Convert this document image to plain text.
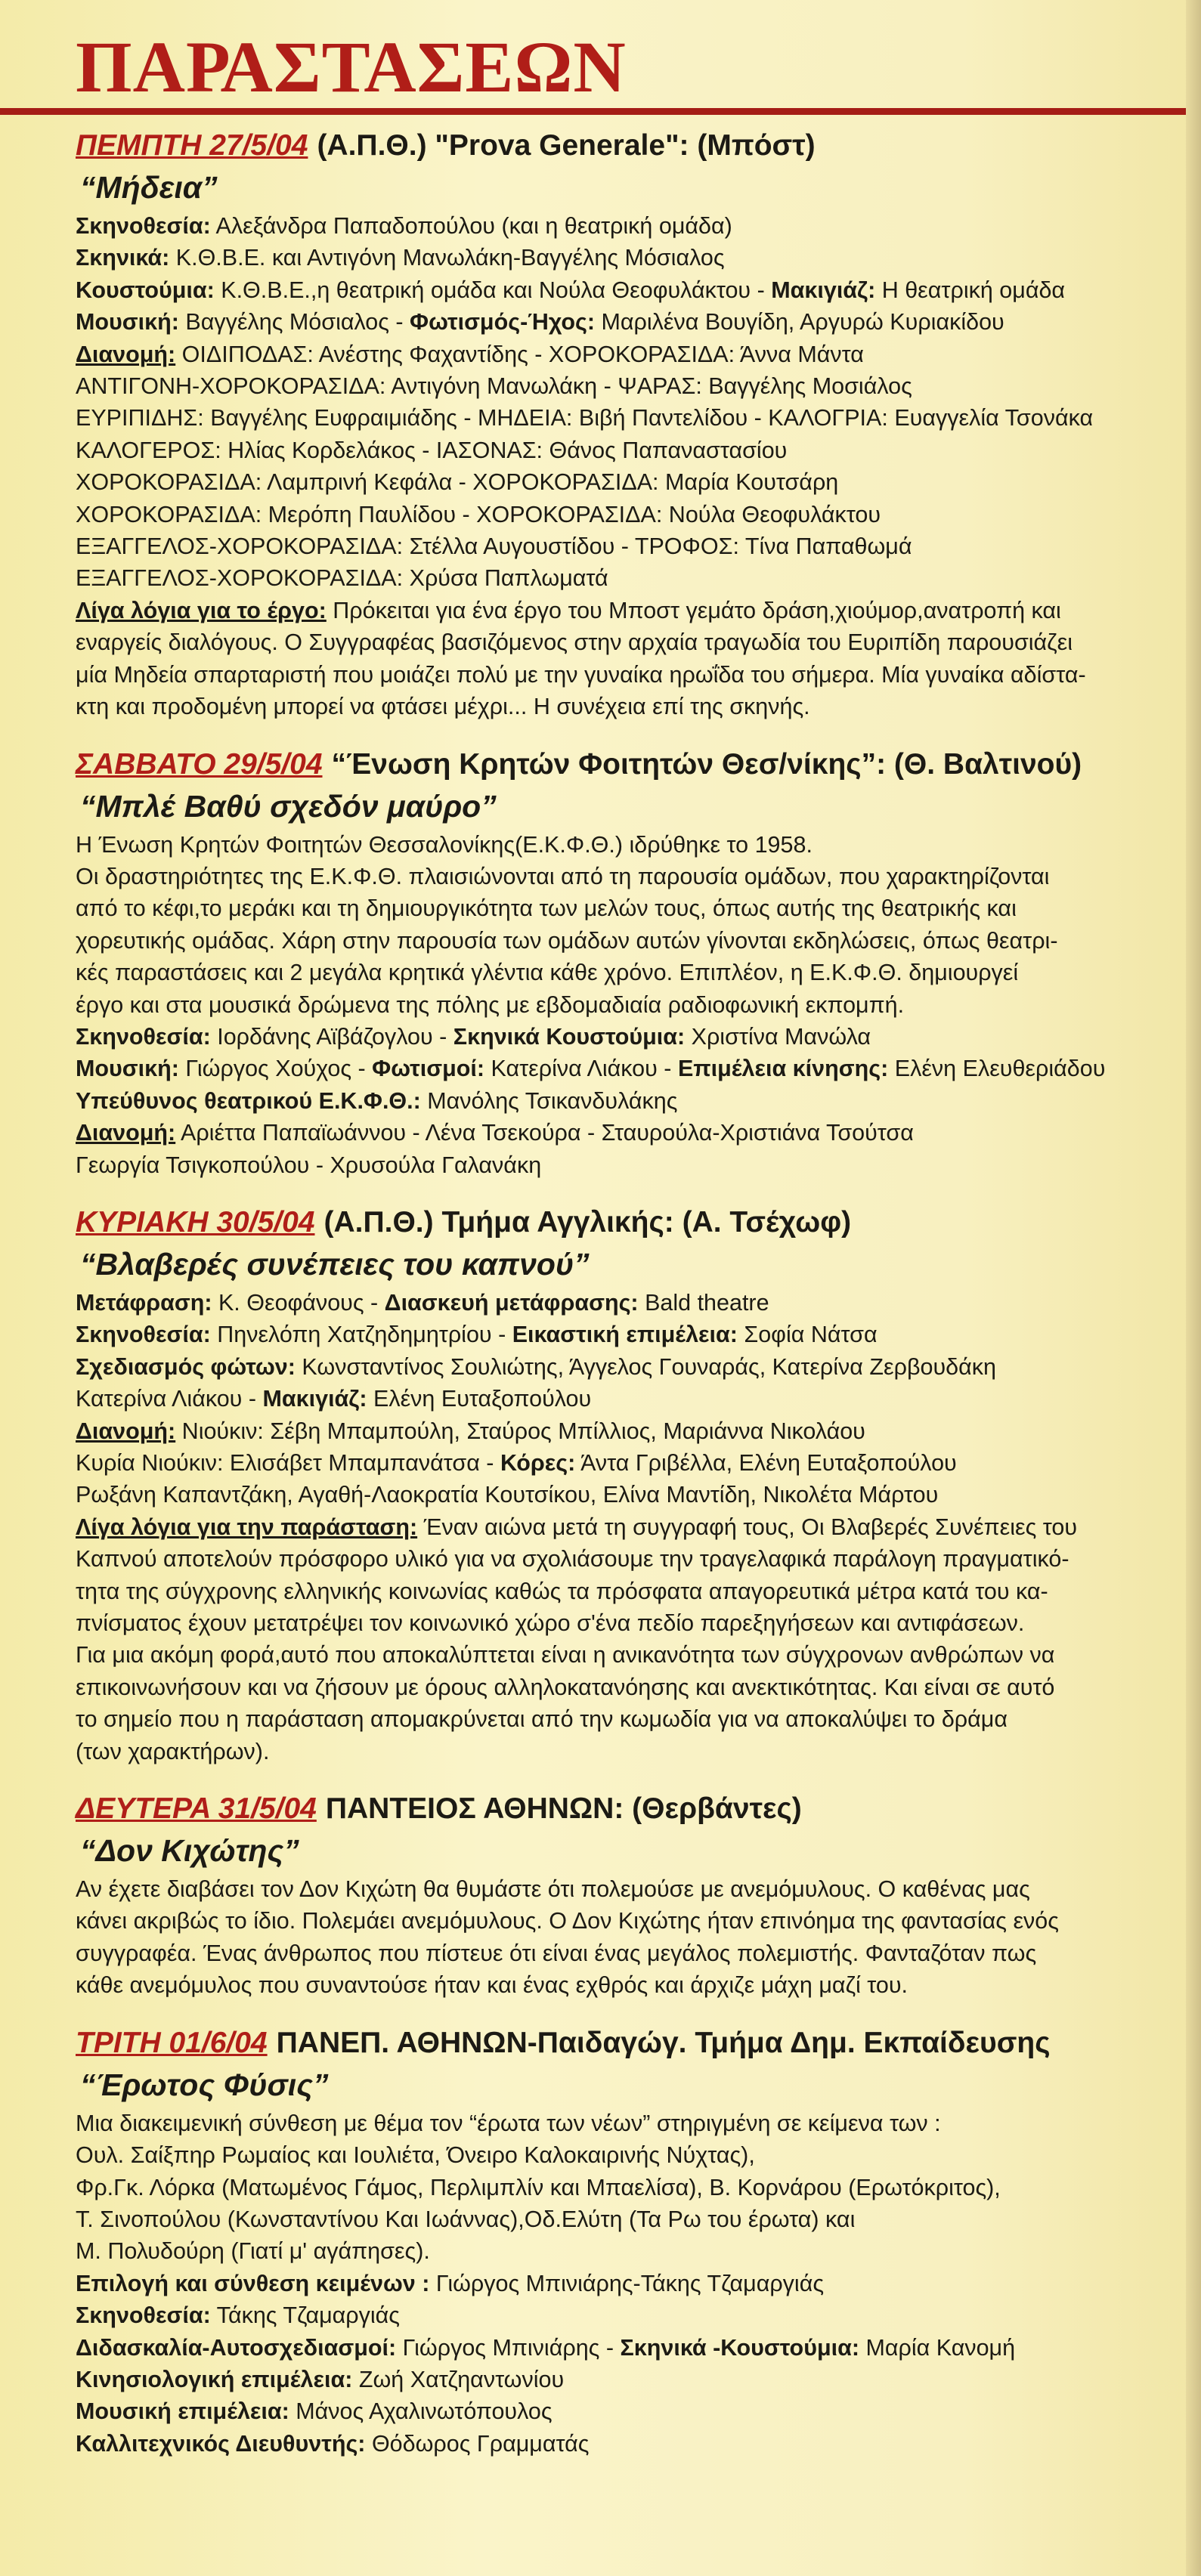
ΠΑΡΑΣΤΑΣΕΩΝ
ΠΕΜΠΤΗ 27/5/04 (Α.Π.Θ.) "Prova Generale": (Μπόστ)
“Μήδεια”
Σκηνοθεσία: Αλεξάνδρα Παπαδοπούλου (και η θεατρική ομάδα)
Σκηνικά: Κ.Θ.Β.Ε. και Αντιγόνη Μανωλάκη-Βαγγέλης Μόσιαλος
Κουστούμια: Κ.Θ.Β.Ε.,η θεατρική ομάδα και Νούλα Θεοφυλάκτου - Μακιγιάζ: Η θεατρική ομάδα
Μουσική: Βαγγέλης Μόσιαλος - Φωτισμός-Ήχος: Μαριλένα Βουγίδη, Αργυρώ Κυριακίδου
Διανομή: ΟΙΔΙΠΟΔΑΣ: Ανέστης Φαχαντίδης - ΧΟΡΟΚΟΡΑΣΙΔΑ: Άννα Μάντα
ΑΝΤΙΓΟΝΗ-ΧΟΡΟΚΟΡΑΣΙΔΑ: Αντιγόνη Μανωλάκη - ΨΑΡΑΣ: Βαγγέλης Μοσιάλος
ΕΥΡΙΠΙΔΗΣ: Βαγγέλης Ευφραιμιάδης - ΜΗΔΕΙΑ: Βιβή Παντελίδου - ΚΑΛΟΓΡΙΑ: Ευαγγελία Τσονάκα
ΚΑΛΟΓΕΡΟΣ: Ηλίας Κορδελάκος - ΙΑΣΟΝΑΣ: Θάνος Παπαναστασίου
ΧΟΡΟΚΟΡΑΣΙΔΑ: Λαμπρινή Κεφάλα - ΧΟΡΟΚΟΡΑΣΙΔΑ: Μαρία Κουτσάρη
ΧΟΡΟΚΟΡΑΣΙΔΑ: Μερόπη Παυλίδου - ΧΟΡΟΚΟΡΑΣΙΔΑ: Νούλα Θεοφυλάκτου
ΕΞΑΓΓΕΛΟΣ-ΧΟΡΟΚΟΡΑΣΙΔΑ: Στέλλα Αυγουστίδου - ΤΡΟΦΟΣ: Τίνα Παπαθωμά
ΕΞΑΓΓΕΛΟΣ-ΧΟΡΟΚΟΡΑΣΙΔΑ: Χρύσα Παπλωματά
Λίγα λόγια για το έργο: Πρόκειται για ένα έργο του Μποστ γεμάτο δράση,χιούμορ,ανατροπή και
εναργείς διαλόγους. Ο Συγγραφέας βασιζόμενος στην αρχαία τραγωδία του Ευριπίδη παρουσιάζει
μία Μηδεία σπαρταριστή που μοιάζει πολύ με την γυναίκα ηρωΐδα του σήμερα. Μία γυναίκα αδίστα-
κτη και προδομένη μπορεί να φτάσει μέχρι... Η συνέχεια επί της σκηνής.
ΣΑΒΒΑΤΟ 29/5/04 “Ένωση Κρητών Φοιτητών Θεσ/νίκης”: (Θ. Βαλτινού)
“Μπλέ Βαθύ σχεδόν μαύρο”
Η Ένωση Κρητών Φοιτητών Θεσσαλονίκης(Ε.Κ.Φ.Θ.) ιδρύθηκε το 1958.
Οι δραστηριότητες της Ε.Κ.Φ.Θ. πλαισιώνονται από τη παρουσία ομάδων, που χαρακτηρίζονται
από το κέφι,το μεράκι και τη δημιουργικότητα των μελών τους, όπως αυτής της θεατρικής και
χορευτικής ομάδας. Χάρη στην παρουσία των ομάδων αυτών γίνονται εκδηλώσεις, όπως θεατρι-
κές παραστάσεις και 2 μεγάλα κρητικά γλέντια κάθε χρόνο. Επιπλέον, η Ε.Κ.Φ.Θ. δημιουργεί
έργο και στα μουσικά δρώμενα της πόλης με εβδομαδιαία ραδιοφωνική εκπομπή.
Σκηνοθεσία: Ιορδάνης Αϊβάζογλου - Σκηνικά Κουστούμια: Χριστίνα Μανώλα
Μουσική: Γιώργος Χούχος - Φωτισμοί: Κατερίνα Λιάκου - Επιμέλεια κίνησης: Ελένη Ελευθεριάδου
Υπεύθυνος θεατρικού Ε.Κ.Φ.Θ.: Μανόλης Τσικανδυλάκης
Διανομή: Αριέττα Παπαϊωάννου - Λένα Τσεκούρα - Σταυρούλα-Χριστιάνα Τσούτσα
Γεωργία Τσιγκοπούλου - Χρυσούλα Γαλανάκη
ΚΥΡΙΑΚΗ 30/5/04 (Α.Π.Θ.) Τμήμα Αγγλικής: (Α. Τσέχωφ)
“Βλαβερές συνέπειες του καπνού”
Μετάφραση: Κ. Θεοφάνους - Διασκευή μετάφρασης: Bald theatre
Σκηνοθεσία: Πηνελόπη Χατζηδημητρίου - Εικαστική επιμέλεια: Σοφία Νάτσα
Σχεδιασμός φώτων: Κωνσταντίνος Σουλιώτης, Άγγελος Γουναράς, Κατερίνα Ζερβουδάκη
Κατερίνα Λιάκου - Μακιγιάζ: Ελένη Ευταξοπούλου
Διανομή: Νιούκιν: Σέβη Μπαμπούλη, Σταύρος Μπίλλιος, Μαριάννα Νικολάου
Κυρία Νιούκιν: Ελισάβετ Μπαμπανάτσα - Κόρες: Άντα Γριβέλλα, Ελένη Ευταξοπούλου
Ρωξάνη Καπαντζάκη, Αγαθή-Λαοκρατία Κουτσίκου, Ελίνα Μαντίδη, Νικολέτα Μάρτου
Λίγα λόγια για την παράσταση: Έναν αιώνα μετά τη συγγραφή τους, Οι Βλαβερές Συνέπειες του
Καπνού αποτελούν πρόσφορο υλικό για να σχολιάσουμε την τραγελαφικά παράλογη πραγματικό-
τητα της σύγχρονης ελληνικής κοινωνίας καθώς τα πρόσφατα απαγορευτικά μέτρα κατά του κα-
πνίσματος έχουν μετατρέψει τον κοινωνικό χώρο σ'ένα πεδίο παρεξηγήσεων και αντιφάσεων.
Για μια ακόμη φορά,αυτό που αποκαλύπτεται είναι η ανικανότητα των σύγχρονων ανθρώπων να
επικοινωνήσουν και να ζήσουν με όρους αλληλοκατανόησης και ανεκτικότητας. Και είναι σε αυτό
το σημείο που η παράσταση απομακρύνεται από την κωμωδία για να αποκαλύψει το δράμα
(των χαρακτήρων).
ΔΕΥΤΕΡΑ 31/5/04 ΠΑΝΤΕΙΟΣ ΑΘΗΝΩΝ: (Θερβάντες)
“Δον Κιχώτης”
Αν έχετε διαβάσει τον Δον Κιχώτη θα θυμάστε ότι πολεμούσε με ανεμόμυλους. Ο καθένας μας
κάνει ακριβώς το ίδιο. Πολεμάει ανεμόμυλους. Ο Δον Κιχώτης ήταν επινόημα της φαντασίας ενός
συγγραφέα. Ένας άνθρωπος που πίστευε ότι είναι ένας μεγάλος πολεμιστής. Φανταζόταν πως
κάθε ανεμόμυλος που συναντούσε ήταν και ένας εχθρός και άρχιζε μάχη μαζί του.
ΤΡΙΤΗ 01/6/04 ΠΑΝΕΠ. ΑΘΗΝΩΝ-Παιδαγώγ. Τμήμα Δημ. Εκπαίδευσης
“Έρωτος Φύσις”
Μια διακειμενική σύνθεση με θέμα τον “έρωτα των νέων” στηριγμένη σε κείμενα των :
Ουλ. Σαίξπηρ Ρωμαίος και Ιουλιέτα, Όνειρο Καλοκαιρινής Νύχτας),
Φρ.Γκ. Λόρκα (Ματωμένος Γάμος, Περλιμπλίν και Μπαελίσα), Β. Κορνάρου (Ερωτόκριτος),
Τ. Σινοπούλου (Κωνσταντίνου Και Ιωάννας),Οδ.Ελύτη (Τα Ρω του έρωτα) και
Μ. Πολυδούρη (Γιατί μ' αγάπησες).
Επιλογή και σύνθεση κειμένων : Γιώργος Μπινιάρης-Τάκης Τζαμαργιάς
Σκηνοθεσία: Τάκης Τζαμαργιάς
Διδασκαλία-Αυτοσχεδιασμοί: Γιώργος Μπινιάρης - Σκηνικά -Κουστούμια: Μαρία Κανομή
Κινησιολογική επιμέλεια: Ζωή Χατζηαντωνίου
Μουσική επιμέλεια: Μάνος Αχαλινωτόπουλος
Καλλιτεχνικός Διευθυντής: Θόδωρος Γραμματάς
